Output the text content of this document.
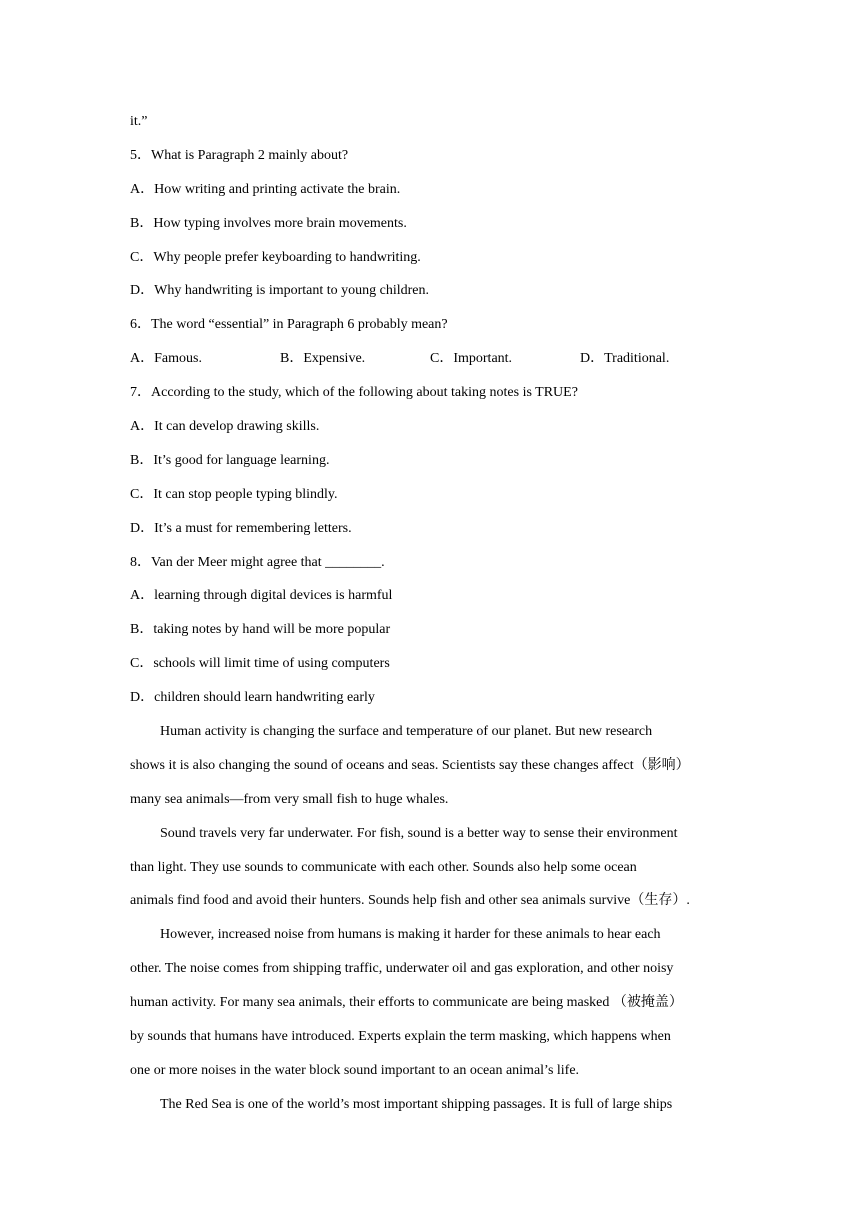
it.”
5．What is Paragraph 2 mainly about?
A．How writing and printing activate the brain.
B．How typing involves more brain movements.
C．Why people prefer keyboarding to handwriting.
D．Why handwriting is important to young children.
6．The word “essential” in Paragraph 6 probably mean?
A．Famous.	B．Expensive.	C．Important.	D．Traditional.
7．According to the study, which of the following about taking notes is TRUE?
A．It can develop drawing skills.
B．It’s good for language learning.
C．It can stop people typing blindly.
D．It’s a must for remembering letters.
8．Van der Meer might agree that ________.
A．learning through digital devices is harmful
B．taking notes by hand will be more popular
C．schools will limit time of using computers
D．children should learn handwriting early
Human activity is changing the surface and temperature of our planet. But new research
shows it is also changing the sound of oceans and seas. Scientists say these changes affect（影响）
many sea animals—from very small fish to huge whales.
Sound travels very far underwater. For fish, sound is a better way to sense their environment
than light. They use sounds to communicate with each other. Sounds also help some ocean
animals find food and avoid their hunters. Sounds help fish and other sea animals survive（生存）.
However, increased noise from humans is making it harder for these animals to hear each
other. The noise comes from shipping traffic, underwater oil and gas exploration, and other noisy
human activity. For many sea animals, their efforts to communicate are being masked （被掩盖）
by sounds that humans have introduced. Experts explain the term masking, which happens when
one or more noises in the water block sound important to an ocean animal’s life.
The Red Sea is one of the world’s most important shipping passages. It is full of large ships
